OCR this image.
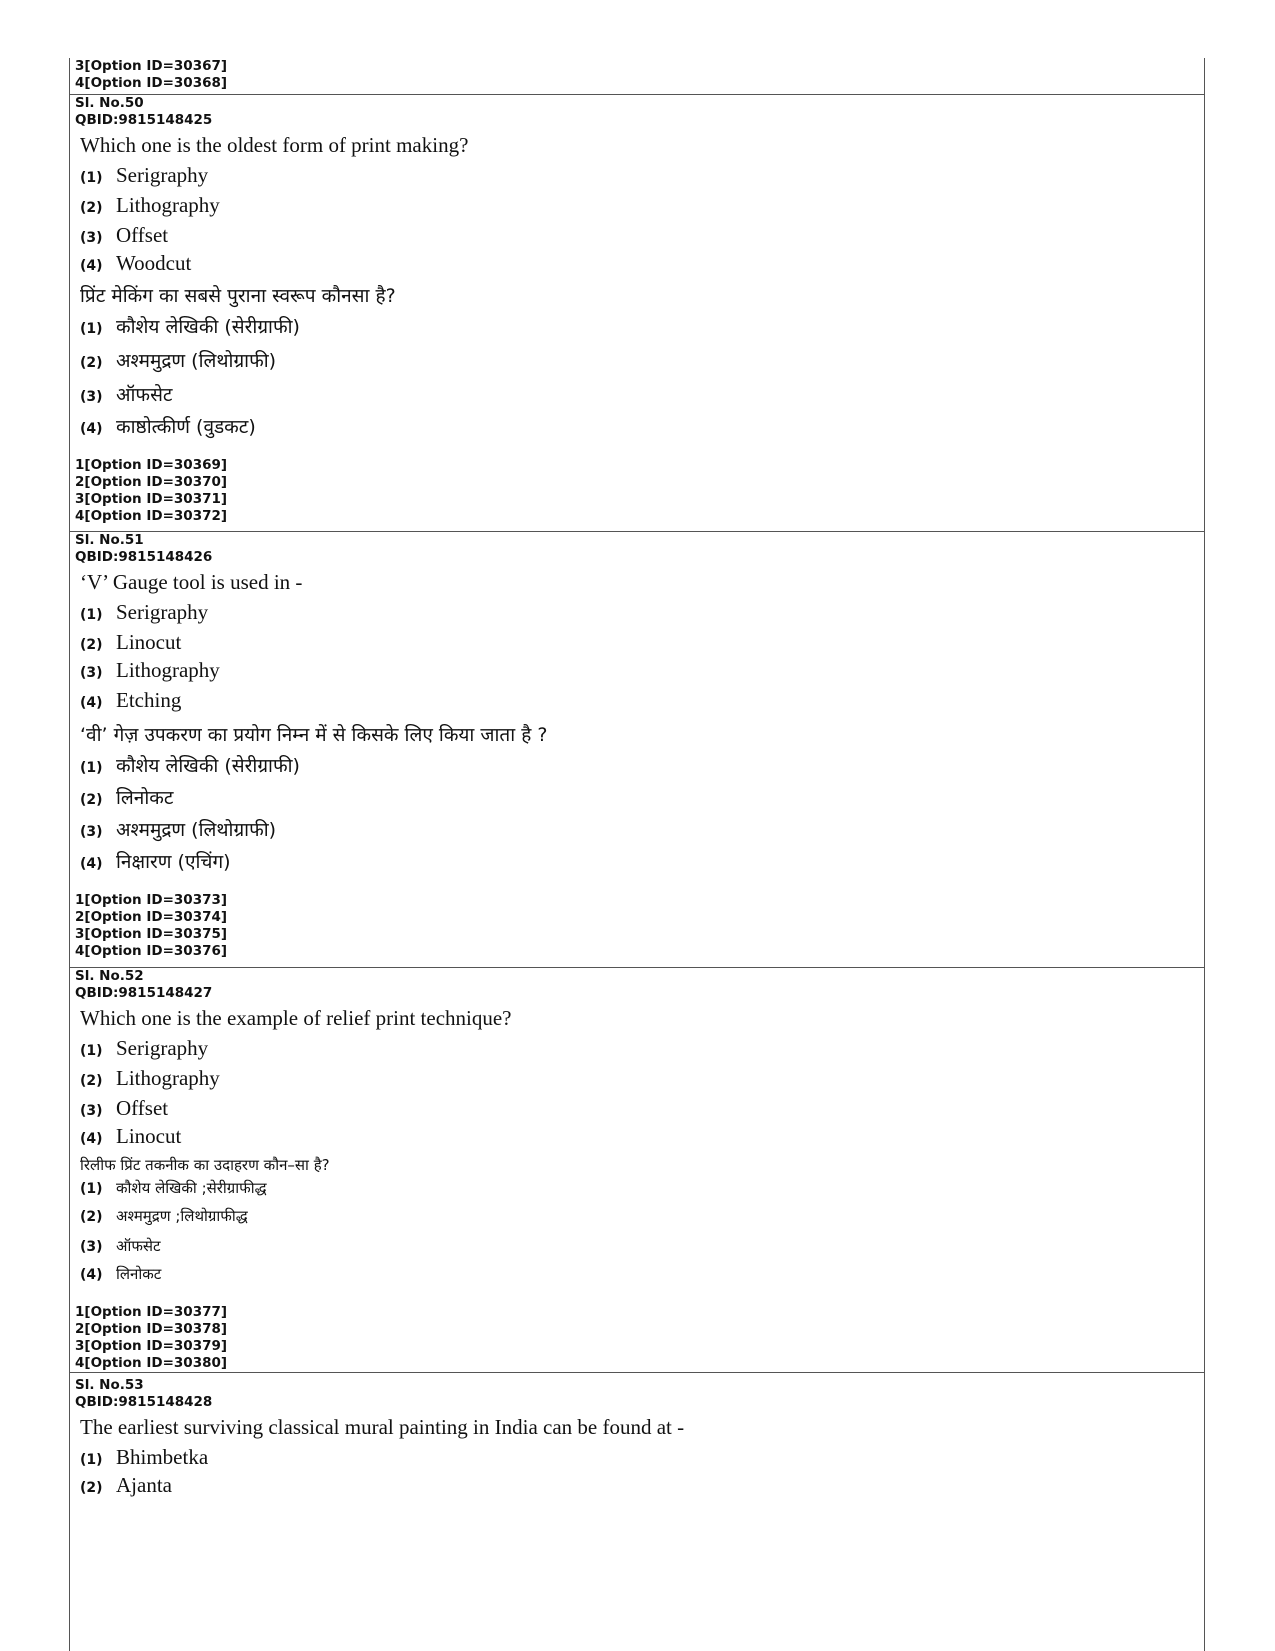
3[Option ID=30367]
4[Option ID=30368]
Sl. No.50
QBID:9815148425
Which one is the oldest form of print making?
(1) Serigraphy
(2) Lithography
(3) Offset
(4) Woodcut
प्रिंट मेकिंग का सबसे पुराना स्वरूप कौनसा है?
(1) कौशेय लेखिकी (सेरीग्राफी)
(2) अश्ममुद्रण (लिथोग्राफी)
(3) ऑफसेट
(4) काष्ठोत्कीर्ण (वुडकट)
1[Option ID=30369]
2[Option ID=30370]
3[Option ID=30371]
4[Option ID=30372]
Sl. No.51
QBID:9815148426
‘V’ Gauge tool is used in -
(1) Serigraphy
(2) Linocut
(3) Lithography
(4) Etching
‘वी’ गेज़ उपकरण का प्रयोग निम्न में से किसके लिए किया जाता है ?
(1) कौशेय लेखिकी (सेरीग्राफी)
(2) लिनोकट
(3) अश्ममुद्रण (लिथोग्राफी)
(4) निक्षारण (एचिंग)
1[Option ID=30373]
2[Option ID=30374]
3[Option ID=30375]
4[Option ID=30376]
Sl. No.52
QBID:9815148427
Which one is the example of relief print technique?
(1) Serigraphy
(2) Lithography
(3) Offset
(4) Linocut
रिलीफ प्रिंट तकनीक का उदाहरण कौन–सा है?
(1) कौशेय लेखिकी ;सेरीग्राफीद्ध
(2) अश्ममुद्रण ;लिथोग्राफीद्ध
(3) ऑफसेट
(4) लिनोकट
1[Option ID=30377]
2[Option ID=30378]
3[Option ID=30379]
4[Option ID=30380]
Sl. No.53
QBID:9815148428
The earliest surviving classical mural painting in India can be found at -
(1) Bhimbetka
(2) Ajanta
